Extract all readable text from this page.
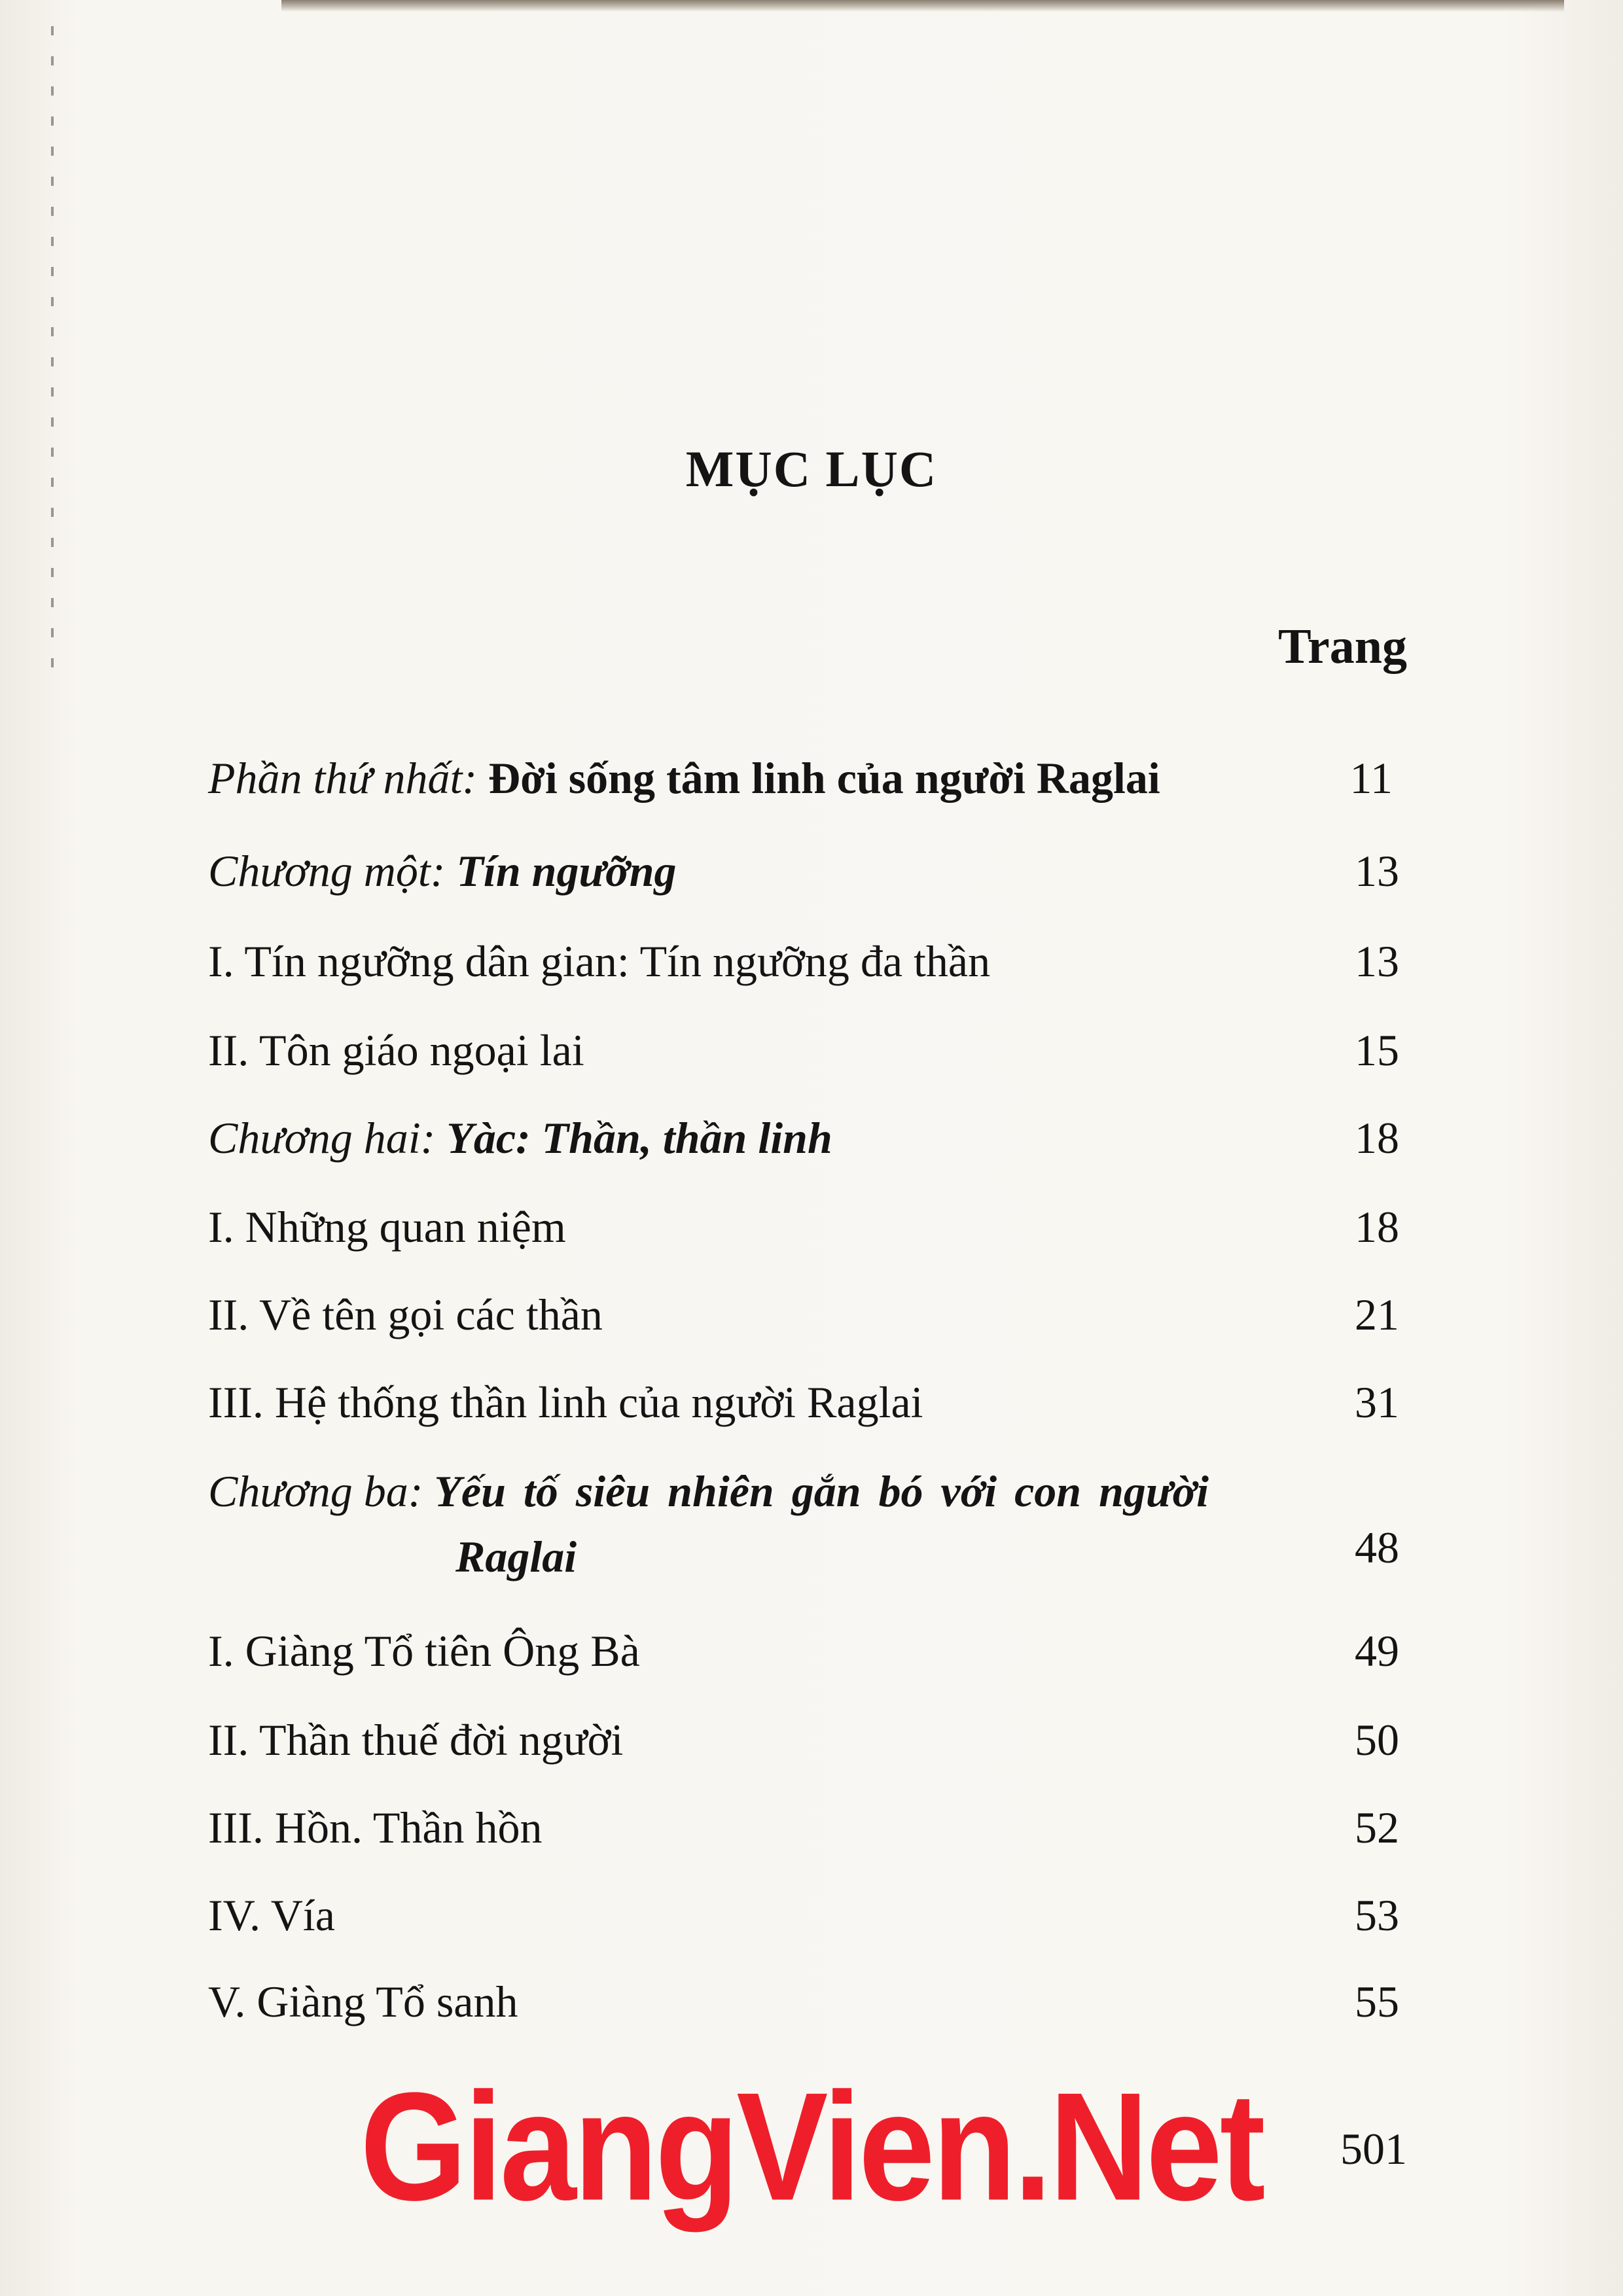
MỤC LỤC
Trang
Phần thứ nhất: Đời sống tâm linh của người Raglai	11
Chương một: Tín ngưỡng	13
I. Tín ngưỡng dân gian: Tín ngưỡng đa thần	13
II. Tôn giáo ngoại lai	15
Chương hai: Yàc: Thần, thần linh	18
I. Những quan niệm	18
II. Về tên gọi các thần	21
III. Hệ thống thần linh của người Raglai	31
Chương ba: Yếu tố siêu nhiên gắn bó với con người
Raglai	48
I. Giàng Tổ tiên Ông Bà	49
II. Thần thuế đời người	50
III. Hồn. Thần hồn	52
IV. Vía	53
V. Giàng Tổ sanh	55
GiangVien.Net	501
